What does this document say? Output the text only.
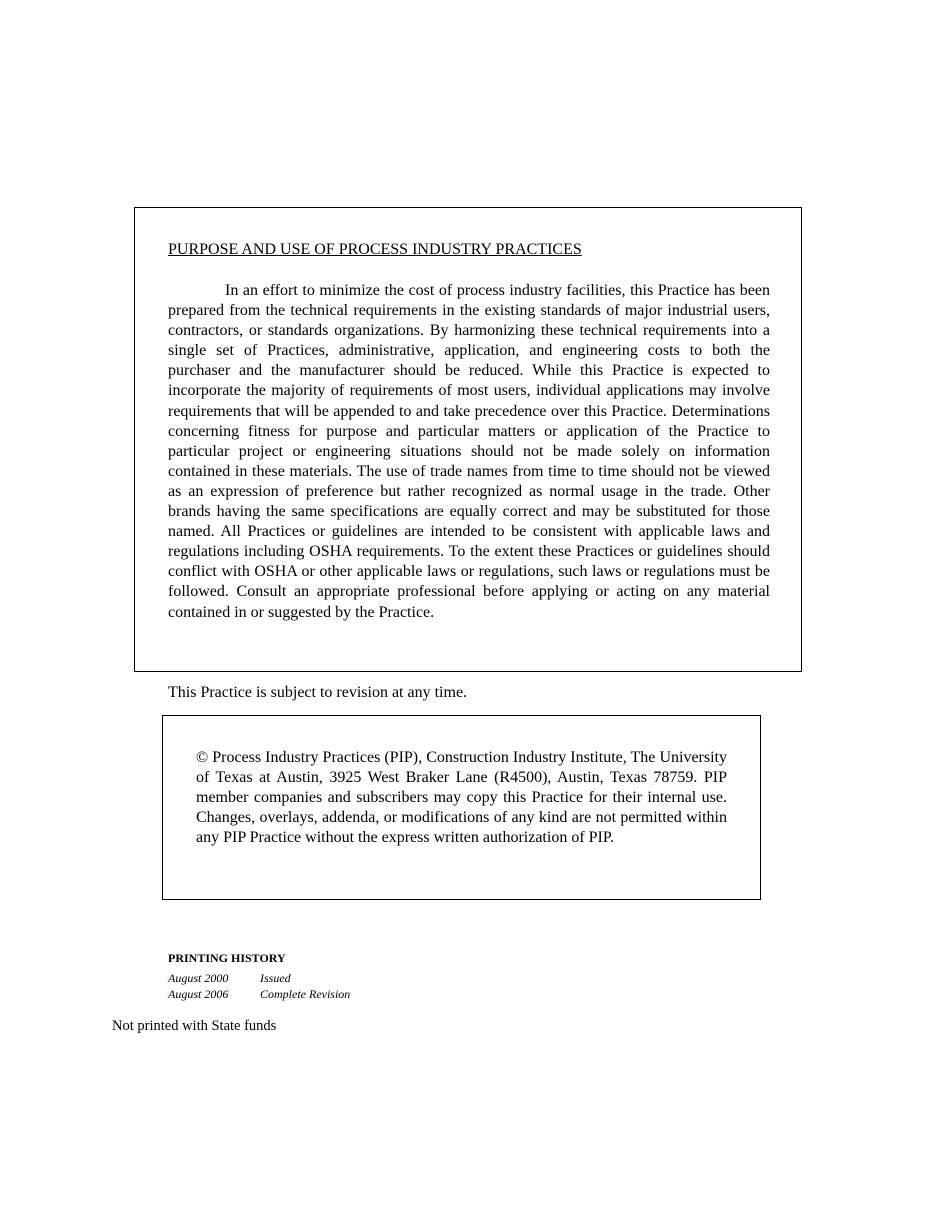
PURPOSE AND USE OF PROCESS INDUSTRY PRACTICES

In an effort to minimize the cost of process industry facilities, this Practice has been prepared from the technical requirements in the existing standards of major industrial users, contractors, or standards organizations. By harmonizing these technical requirements into a single set of Practices, administrative, application, and engineering costs to both the purchaser and the manufacturer should be reduced. While this Practice is expected to incorporate the majority of requirements of most users, individual applications may involve requirements that will be appended to and take precedence over this Practice. Determinations concerning fitness for purpose and particular matters or application of the Practice to particular project or engineering situations should not be made solely on information contained in these materials. The use of trade names from time to time should not be viewed as an expression of preference but rather recognized as normal usage in the trade. Other brands having the same specifications are equally correct and may be substituted for those named. All Practices or guidelines are intended to be consistent with applicable laws and regulations including OSHA requirements. To the extent these Practices or guidelines should conflict with OSHA or other applicable laws or regulations, such laws or regulations must be followed. Consult an appropriate professional before applying or acting on any material contained in or suggested by the Practice.

This Practice is subject to revision at any time.

© Process Industry Practices (PIP), Construction Industry Institute, The University of Texas at Austin, 3925 West Braker Lane (R4500), Austin, Texas 78759. PIP member companies and subscribers may copy this Practice for their internal use. Changes, overlays, addenda, or modifications of any kind are not permitted within any PIP Practice without the express written authorization of PIP.

PRINTING HISTORY
August 2000	Issued
August 2006	Complete Revision

Not printed with State funds
